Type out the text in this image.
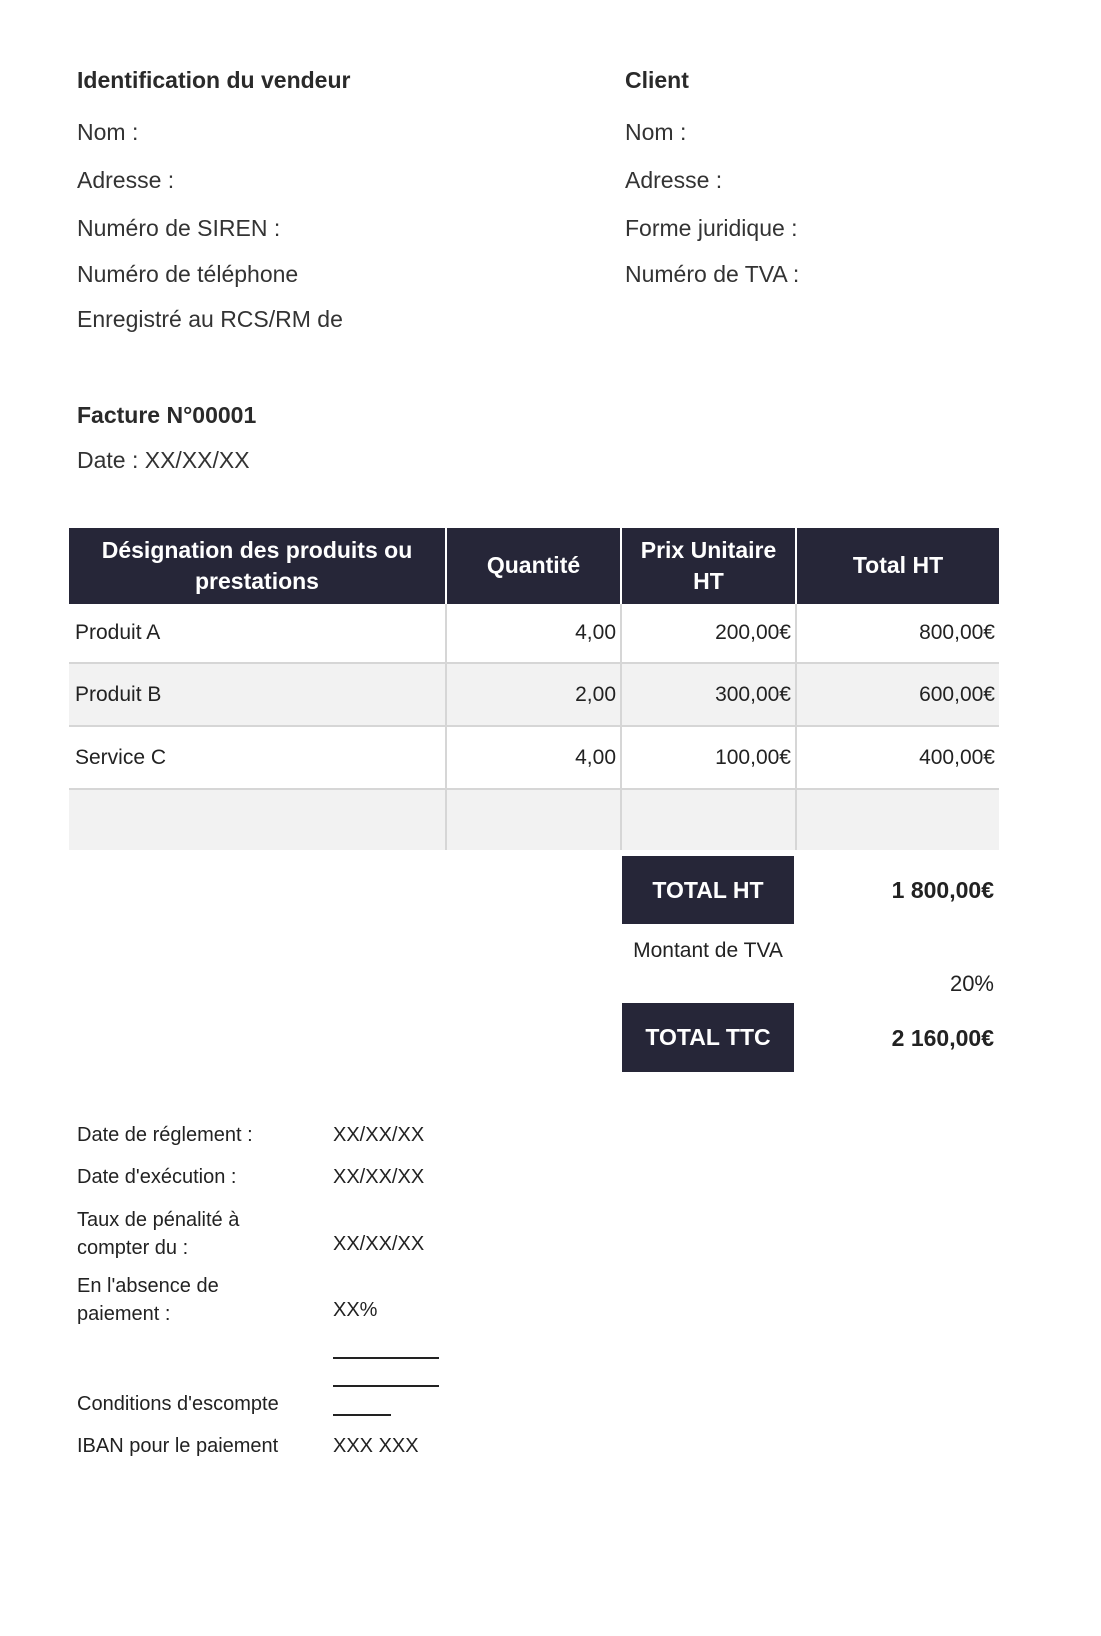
Identification du vendeur
Nom :
Adresse :
Numéro de SIREN :
Numéro de téléphone
Enregistré au RCS/RM de
Client
Nom :
Adresse :
Forme juridique :
Numéro de TVA :
Facture N°00001
Date : XX/XX/XX
Désignation des produits ou prestations	Quantité	Prix Unitaire HT	Total HT
Produit A	4,00	200,00€	800,00€
Produit B	2,00	300,00€	600,00€
Service C	4,00	100,00€	400,00€

TOTAL HT	1 800,00€
Montant de TVA
20%
TOTAL TTC	2 160,00€
Date de réglement :	XX/XX/XX
Date d'exécution :	XX/XX/XX
Taux de pénalité à compter du :	XX/XX/XX
En l'absence de paiement :	XX%
Conditions d'escompte
IBAN pour le paiement	XXX XXX
